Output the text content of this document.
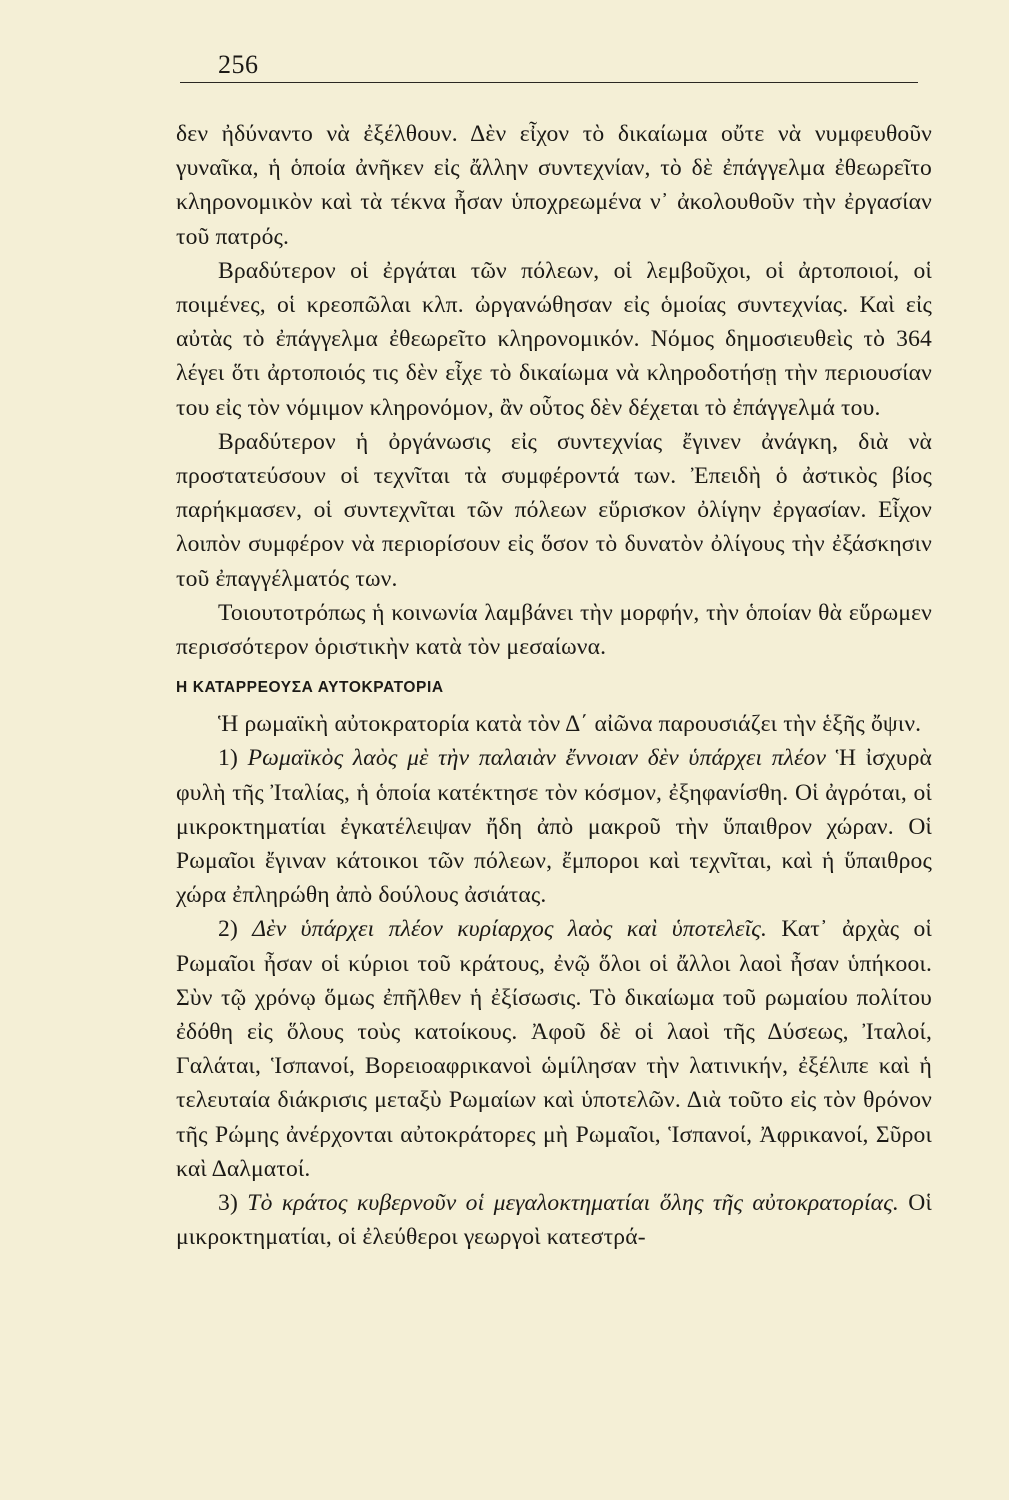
256

δεν ἠδύναντο νὰ ἐξέλθουν. Δὲν εἶχον τὸ δικαίωμα οὔτε νὰ νυμφευθοῦν γυναῖκα, ἡ ὁποία ἀνῆκεν εἰς ἄλλην συντεχνίαν, τὸ δὲ ἐπάγγελμα ἐθεωρεῖτο κληρονομικὸν καὶ τὰ τέκνα ἦσαν ὑποχρεωμένα ν᾽ ἀκολουθοῦν τὴν ἐργασίαν τοῦ πατρός.

Βραδύτερον οἱ ἐργάται τῶν πόλεων, οἱ λεμβοῦχοι, οἱ ἀρτοποιοί, οἱ ποιμένες, οἱ κρεοπῶλαι κλπ. ὠργανώθησαν εἰς ὁμοίας συντεχνίας. Καὶ εἰς αὐτὰς τὸ ἐπάγγελμα ἐθεωρεῖτο κληρονομικόν. Νόμος δημοσιευθεὶς τὸ 364 λέγει ὅτι ἀρτοποιός τις δὲν εἶχε τὸ δικαίωμα νὰ κληροδοτήσῃ τὴν περιουσίαν του εἰς τὸν νόμιμον κληρονόμον, ἂν οὗτος δὲν δέχεται τὸ ἐπάγγελμά του.

Βραδύτερον ἡ ὀργάνωσις εἰς συντεχνίας ἔγινεν ἀνάγκη, διὰ νὰ προστατεύσουν οἱ τεχνῖται τὰ συμφέροντά των. Ἐπειδὴ ὁ ἀστικὸς βίος παρήκμασεν, οἱ συντεχνῖται τῶν πόλεων εὕρισκον ὀλίγην ἐργασίαν. Εἶχον λοιπὸν συμφέρον νὰ περιορίσουν εἰς ὅσον τὸ δυνατὸν ὀλίγους τὴν ἐξάσκησιν τοῦ ἐπαγγέλματός των.

Τοιουτοτρόπως ἡ κοινωνία λαμβάνει τὴν μορφήν, τὴν ὁποίαν θὰ εὕρωμεν περισσότερον ὁριστικὴν κατὰ τὸν μεσαίωνα.

Η ΚΑΤΑΡΡΕΟΥΣΑ ΑΥΤΟΚΡΑΤΟΡΙΑ

Ἡ ρωμαϊκὴ αὐτοκρατορία κατὰ τὸν Δ΄ αἰῶνα παρουσιάζει τὴν ἑξῆς ὄψιν.

1) Ρωμαϊκὸς λαὸς μὲ τὴν παλαιὰν ἔννοιαν δὲν ὑπάρχει πλέον Ἡ ἰσχυρὰ φυλὴ τῆς Ἰταλίας, ἡ ὁποία κατέκτησε τὸν κόσμον, ἐξηφανίσθη. Οἱ ἀγρόται, οἱ μικροκτηματίαι ἐγκατέλειψαν ἤδη ἀπὸ μακροῦ τὴν ὕπαιθρον χώραν. Οἱ Ρωμαῖοι ἔγιναν κάτοικοι τῶν πόλεων, ἔμποροι καὶ τεχνῖται, καὶ ἡ ὕπαιθρος χώρα ἐπληρώθη ἀπὸ δούλους ἀσιάτας.

2) Δὲν ὑπάρχει πλέον κυρίαρχος λαὸς καὶ ὑποτελεῖς. Κατ᾽ ἀρχὰς οἱ Ρωμαῖοι ἦσαν οἱ κύριοι τοῦ κράτους, ἐνῷ ὅλοι οἱ ἄλλοι λαοὶ ἦσαν ὑπήκοοι. Σὺν τῷ χρόνῳ ὅμως ἐπῆλθεν ἡ ἐξίσωσις. Τὸ δικαίωμα τοῦ ρωμαίου πολίτου ἐδόθη εἰς ὅλους τοὺς κατοίκους. Ἀφοῦ δὲ οἱ λαοὶ τῆς Δύσεως, Ἰταλοί, Γαλάται, Ἱσπανοί, Βορειοαφρικανοὶ ὡμίλησαν τὴν λατινικήν, ἐξέλιπε καὶ ἡ τελευταία διάκρισις μεταξὺ Ρωμαίων καὶ ὑποτελῶν. Διὰ τοῦτο εἰς τὸν θρόνον τῆς Ρώμης ἀνέρχονται αὐτοκράτορες μὴ Ρωμαῖοι, Ἱσπανοί, Ἀφρικανοί, Σῦροι καὶ Δαλματοί.

3) Τὸ κράτος κυβερνοῦν οἱ μεγαλοκτηματίαι ὅλης τῆς αὐτοκρατορίας. Οἱ μικροκτηματίαι, οἱ ἐλεύθεροι γεωργοὶ κατεστρά-
